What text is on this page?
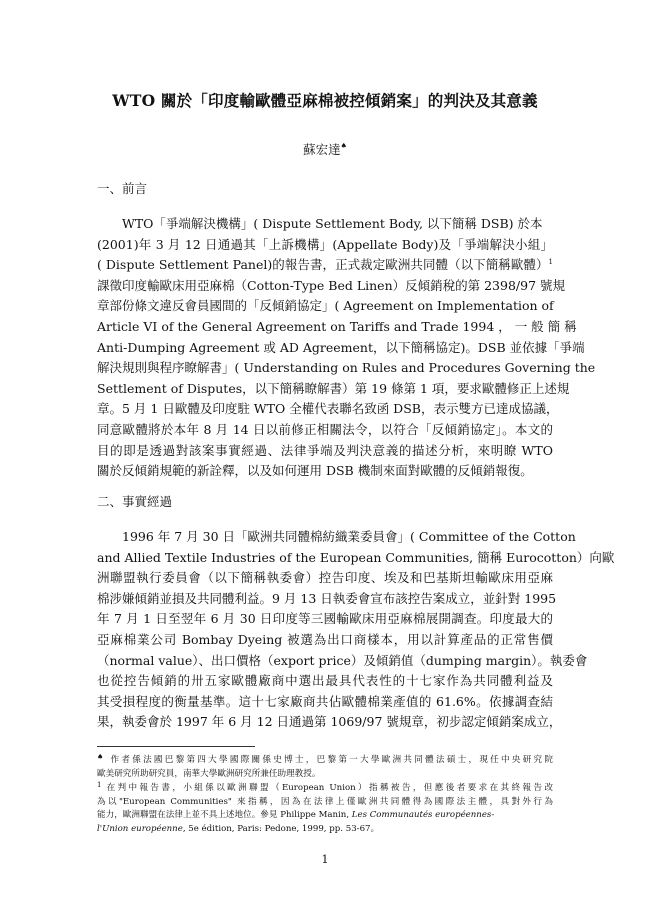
WTO 關於「印度輸歐體亞麻棉被控傾銷案」的判決及其意義
蘇宏達♠
一、前言
WTO「爭端解決機構」( Dispute Settlement Body, 以下簡稱 DSB) 於本
(2001)年 3 月 12 日通過其「上訴機構」(Appellate Body)及「爭端解決小組」
( Dispute Settlement Panel)的報告書，正式裁定歐洲共同體（以下簡稱歐體）$^1$
課徵印度輸歐床用亞麻棉（Cotton-Type Bed Linen）反傾銷稅的第 2398/97 號規
章部份條文違反會員國間的「反傾銷協定」( Agreement on Implementation of
Article VI of the General Agreement on Tariffs and Trade 1994 ， 一 般 簡 稱
Anti-Dumping Agreement 或 AD Agreement，以下簡稱協定)。DSB 並依據「爭端
解決規則與程序瞭解書」( Understanding on Rules and Procedures Governing the
Settlement of Disputes，以下簡稱瞭解書）第 19 條第 1 項，要求歐體修正上述規
章。5 月 1 日歐體及印度駐 WTO 全權代表聯名致函 DSB，表示雙方已達成協議，
同意歐體將於本年 8 月 14 日以前修正相關法令，以符合「反傾銷協定」。本文的
目的即是透過對該案事實經過、法律爭端及判決意義的描述分析，來明瞭 WTO
關於反傾銷規範的新詮釋，以及如何運用 DSB 機制來面對歐體的反傾銷報復。
二、事實經過
1996 年 7 月 30 日「歐洲共同體棉紡織業委員會」( Committee of the Cotton
and Allied Textile Industries of the European Communities, 簡稱 Eurocotton）向歐
洲聯盟執行委員會（以下簡稱執委會）控告印度、埃及和巴基斯坦輸歐床用亞麻
棉涉嫌傾銷並損及共同體利益。9 月 13 日執委會宣布該控告案成立，並針對 1995
年 7 月 1 日至翌年 6 月 30 日印度等三國輸歐床用亞麻棉展開調查。印度最大的
亞麻棉業公司 Bombay Dyeing 被選為出口商樣本，用以計算產品的正常售價
（normal value）、出口價格（export price）及傾銷值（dumping margin）。執委會
也從控告傾銷的卅五家歐體廠商中選出最具代表性的十七家作為共同體利益及
其受損程度的衡量基準。這十七家廠商共佔歐體棉業產值的 61.6%。依據調查結
果，執委會於 1997 年 6 月 12 日通過第 1069/97 號規章，初步認定傾銷案成立，
♠ 作者係法國巴黎第四大學國際關係史博士，巴黎第一大學歐洲共同體法碩士，現任中央研究院
歐美研究所助研究員，南華大學歐洲研究所兼任助理教授。
$^1$ 在判中報告書，小組係以歐洲聯盟（European Union）指稱被告，但應後者要求在其終報告改
為以"European Communities" 來指稱，因為在法律上僅歐洲共同體得為國際法主體，具對外行為
能力，歐洲聯盟在法律上並不具上述地位。參見 Philippe Manin, Les Communautés européennes-
l'Union européenne, 5e édition, Paris: Pedone, 1999, pp. 53-67。
1
